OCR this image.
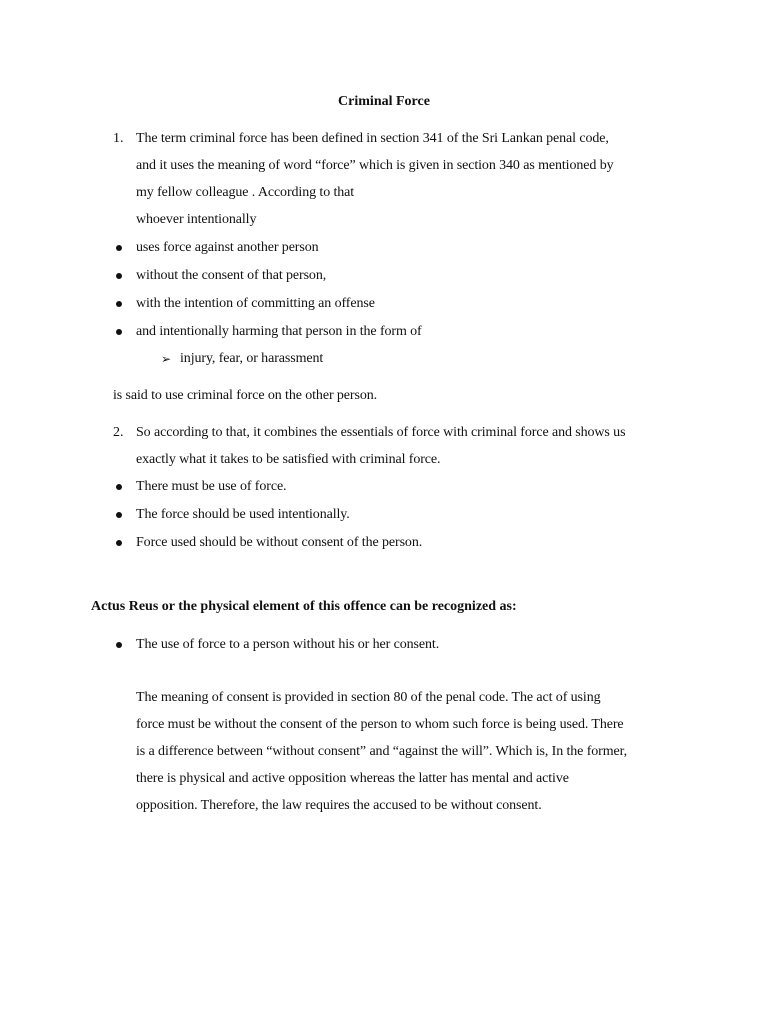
Criminal Force
1. The term criminal force has been defined in section 341 of the Sri Lankan penal code,
and it uses the meaning of word “force” which is given in section 340 as mentioned by
my fellow colleague . According to that
whoever intentionally
uses force against another person
without the consent of that person,
with the intention of committing an offense
and intentionally harming that person in the form of
➢ injury, fear, or harassment
is said to use criminal force on the other person.
2. So according to that, it combines the essentials of force with criminal force and shows us
exactly what it takes to be satisfied with criminal force.
There must be use of force.
The force should be used intentionally.
Force used should be without consent of the person.
Actus Reus or the physical element of this offence can be recognized as:
The use of force to a person without his or her consent.
The meaning of consent is provided in section 80 of the penal code. The act of using
force must be without the consent of the person to whom such force is being used. There
is a difference between “without consent” and “against the will”. Which is, In the former,
there is physical and active opposition whereas the latter has mental and active
opposition. Therefore, the law requires the accused to be without consent.
